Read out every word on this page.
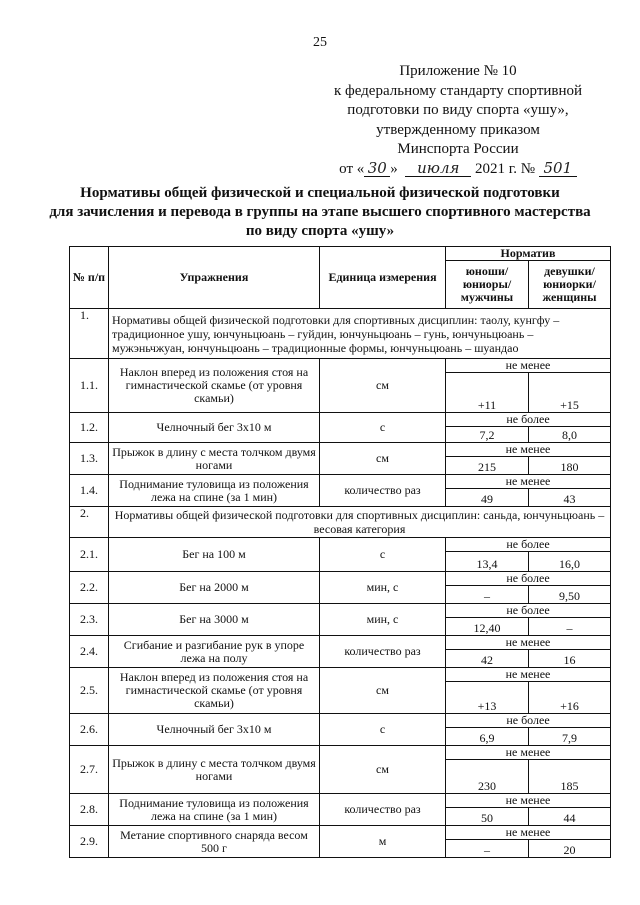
25
Приложение № 10
к федеральному стандарту спортивной
подготовки по виду спорта «ушу»,
утвержденному приказом
Минспорта России
от « 30 » июля 2021 г. № 501
Нормативы общей физической и специальной физической подготовки
для зачисления и перевода в группы на этапе высшего спортивного мастерства
по виду спорта «ушу»
№ п/п	Упражнения	Единица измерения	Норматив	
			юноши/ юниоры/ мужчины	девушки/ юниорки/ женщины
1.	Нормативы общей физической подготовки для спортивных дисциплин: таолу, кунгфу – традиционное ушу, юнчуньцюань – гуйдин, юнчуньцюань – гунь, юнчуньцюань – мужэньчжуан, юнчуньцюань – традиционные формы, юнчуньцюань – шуандао			
1.1.	Наклон вперед из положения стоя на гимнастической скамье (от уровня скамьи)	см	не менее	
			+11	+15
1.2.	Челночный бег 3х10 м	с	не более	
			7,2	8,0
1.3.	Прыжок в длину с места толчком двумя ногами	см	не менее	
			215	180
1.4.	Поднимание туловища из положения лежа на спине (за 1 мин)	количество раз	не менее	
			49	43
2.	Нормативы общей физической подготовки для спортивных дисциплин: саньда, юнчуньцюань – весовая категория			
2.1.	Бег на 100 м	с	не более	
			13,4	16,0
2.2.	Бег на 2000 м	мин, с	не более	
			–	9,50
2.3.	Бег на 3000 м	мин, с	не более	
			12,40	–
2.4.	Сгибание и разгибание рук в упоре лежа на полу	количество раз	не менее	
			42	16
2.5.	Наклон вперед из положения стоя на гимнастической скамье (от уровня скамьи)	см	не менее	
			+13	+16
2.6.	Челночный бег 3х10 м	с	не более	
			6,9	7,9
2.7.	Прыжок в длину с места толчком двумя ногами	см	не менее	
			230	185
2.8.	Поднимание туловища из положения лежа на спине (за 1 мин)	количество раз	не менее	
			50	44
2.9.	Метание спортивного снаряда весом 500 г	м	не менее	
			–	20
